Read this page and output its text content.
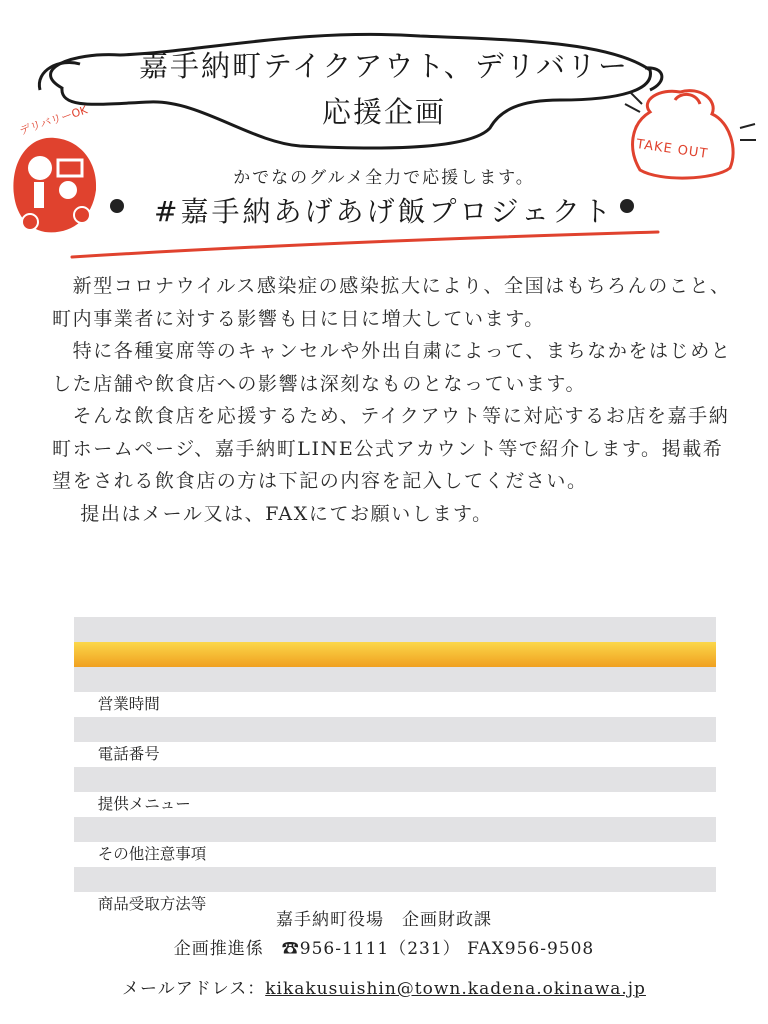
デリバリーOK
TAKE OUT
嘉手納町テイクアウト、デリバリー
応援企画
かでなのグルメ全力で応援します。
#嘉手納あげあげ飯プロジェクト

　新型コロナウイルス感染症の感染拡大により、全国はもちろんのこと、町内事業者に対する影響も日に日に増大しています。

　特に各種宴席等のキャンセルや外出自粛によって、まちなかをはじめとした店舗や飲食店への影響は深刻なものとなっています。

　そんな飲食店を応援するため、テイクアウト等に対応するお店を嘉手納町ホームページ、嘉手納町LINE公式アカウント等で紹介します。掲載希望をされる飲食店の方は下記の内容を記入してください。

　 提出はメール又は、FAXにてお願いします。

営業時間

電話番号

提供メニュー

その他注意事項

商品受取方法等

嘉手納町役場　企画財政課
企画推進係　☎956-1111（231） FAX956-9508
メールアドレス：kikakusuishin@town.kadena.okinawa.jp
